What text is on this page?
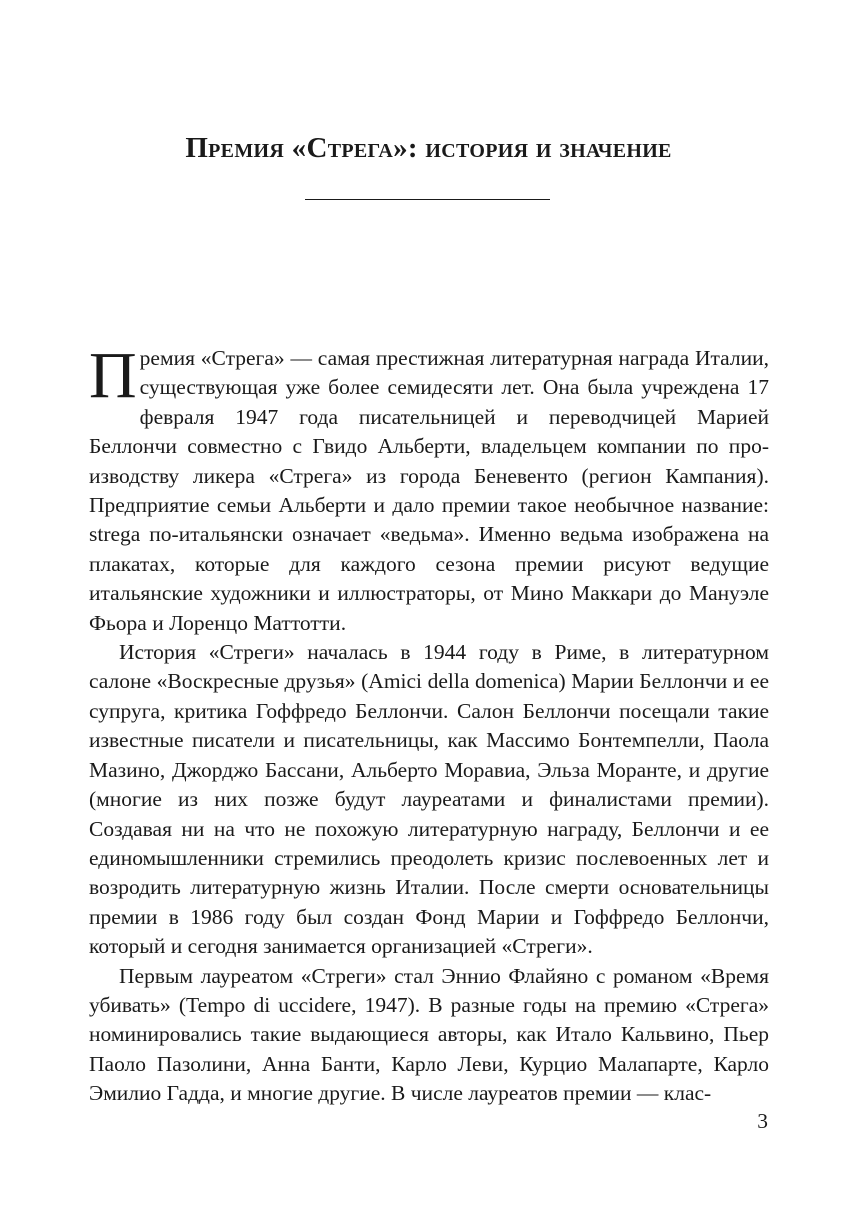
Премия «Стрега»: история и значение

Премия «Стрега» — самая престижная литературная награда Италии, существующая уже более семидесяти лет. Она была учреждена 17 февраля 1947 года писательницей и переводчицей Марией Беллончи совместно с Гвидо Альберти, владельцем компании по производству ликера «Стрега» из города Беневенто (регион Кампания). Предприятие семьи Альберти и дало премии такое необычное название: strega по-итальянски означает «ведьма». Именно ведьма изображена на плакатах, которые для каждого сезона премии рисуют ведущие итальянские художники и иллюстраторы, от Мино Маккари до Мануэле Фьора и Лоренцо Маттотти.

История «Стреги» началась в 1944 году в Риме, в литературном салоне «Воскресные друзья» (Amici della domenica) Марии Беллончи и ее супруга, критика Гоффредо Беллончи. Салон Беллончи посещали такие известные писатели и писательницы, как Массимо Бонтемпелли, Паола Мазино, Джорджо Бассани, Альберто Моравиа, Эльза Моранте, и другие (многие из них позже будут лауреатами и финалистами премии). Создавая ни на что не похожую литературную награду, Беллончи и ее единомышленники стремились преодолеть кризис послевоенных лет и возродить литературную жизнь Италии. После смерти основательницы премии в 1986 году был создан Фонд Марии и Гоффредо Беллончи, который и сегодня занимается организацией «Стреги».

Первым лауреатом «Стреги» стал Эннио Флайяно с романом «Время убивать» (Tempo di uccidere, 1947). В разные годы на премию «Стрега» номинировались такие выдающиеся авторы, как Итало Кальвино, Пьер Паоло Пазолини, Анна Банти, Карло Леви, Курцио Малапарте, Карло Эмилио Гадда, и многие другие. В числе лауреатов премии — клас-

3
